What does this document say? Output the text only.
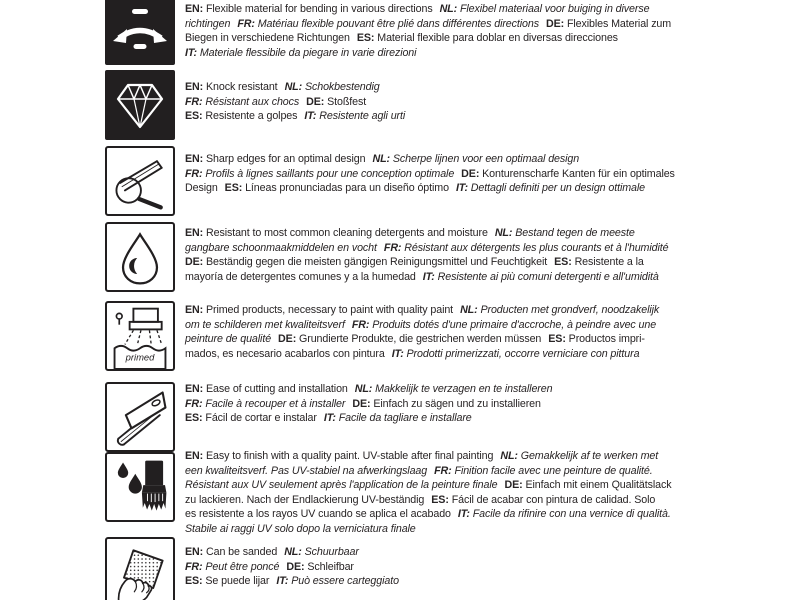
EN: Flexible material for bending in various directions NL: Flexibel materiaal voor buiging in diverse
richtingen FR: Matériau flexible pouvant être plié dans différentes directions DE: Flexibles Material zum
Biegen in verschiedene Richtungen ES: Material flexible para doblar en diversas direcciones
IT: Materiale flessibile da piegare in varie direzioni
EN: Knock resistant NL: Schokbestendig
FR: Résistant aux chocs DE: Stoßfest
ES: Resistente a golpes IT: Resistente agli urti
EN: Sharp edges for an optimal design NL: Scherpe lijnen voor een optimaal design
FR: Profils à lignes saillants pour une conception optimale DE: Konturenscharfe Kanten für ein optimales
Design ES: Líneas pronunciadas para un diseño óptimo IT: Dettagli definiti per un design ottimale
EN: Resistant to most common cleaning detergents and moisture NL: Bestand tegen de meeste
gangbare schoonmaakmiddelen en vocht FR: Résistant aux détergents les plus courants et à l'humidité
DE: Beständig gegen die meisten gängigen Reinigungsmittel und Feuchtigkeit ES: Resistente a la
mayoría de detergentes comunes y a la humedad IT: Resistente ai più comuni detergenti e all'umidità
primed
EN: Primed products, necessary to paint with quality paint NL: Producten met grondverf, noodzakelijk
om te schilderen met kwaliteitsverf FR: Produits dotés d'une primaire d'accroche, à peindre avec une
peinture de qualité DE: Grundierte Produkte, die gestrichen werden müssen ES: Productos impri-
mados, es necesario acabarlos con pintura IT: Prodotti primerizzati, occorre verniciare con pittura
EN: Ease of cutting and installation NL: Makkelijk te verzagen en te installeren
FR: Facile à recouper et à installer DE: Einfach zu sägen und zu installieren
ES: Fácil de cortar e instalar IT: Facile da tagliare e installare
EN: Easy to finish with a quality paint. UV-stable after final painting NL: Gemakkelijk af te werken met
een kwaliteitsverf. Pas UV-stabiel na afwerkingslaag FR: Finition facile avec une peinture de qualité.
Résistant aux UV seulement après l'application de la peinture finale DE: Einfach mit einem Qualitätslack
zu lackieren. Nach der Endlackierung UV-beständig ES: Fácil de acabar con pintura de calidad. Solo
es resistente a los rayos UV cuando se aplica el acabado IT: Facile da rifinire con una vernice di qualità.
Stabile ai raggi UV solo dopo la verniciatura finale
EN: Can be sanded NL: Schuurbaar
FR: Peut être poncé DE: Schleifbar
ES: Se puede lijar IT: Può essere carteggiato
